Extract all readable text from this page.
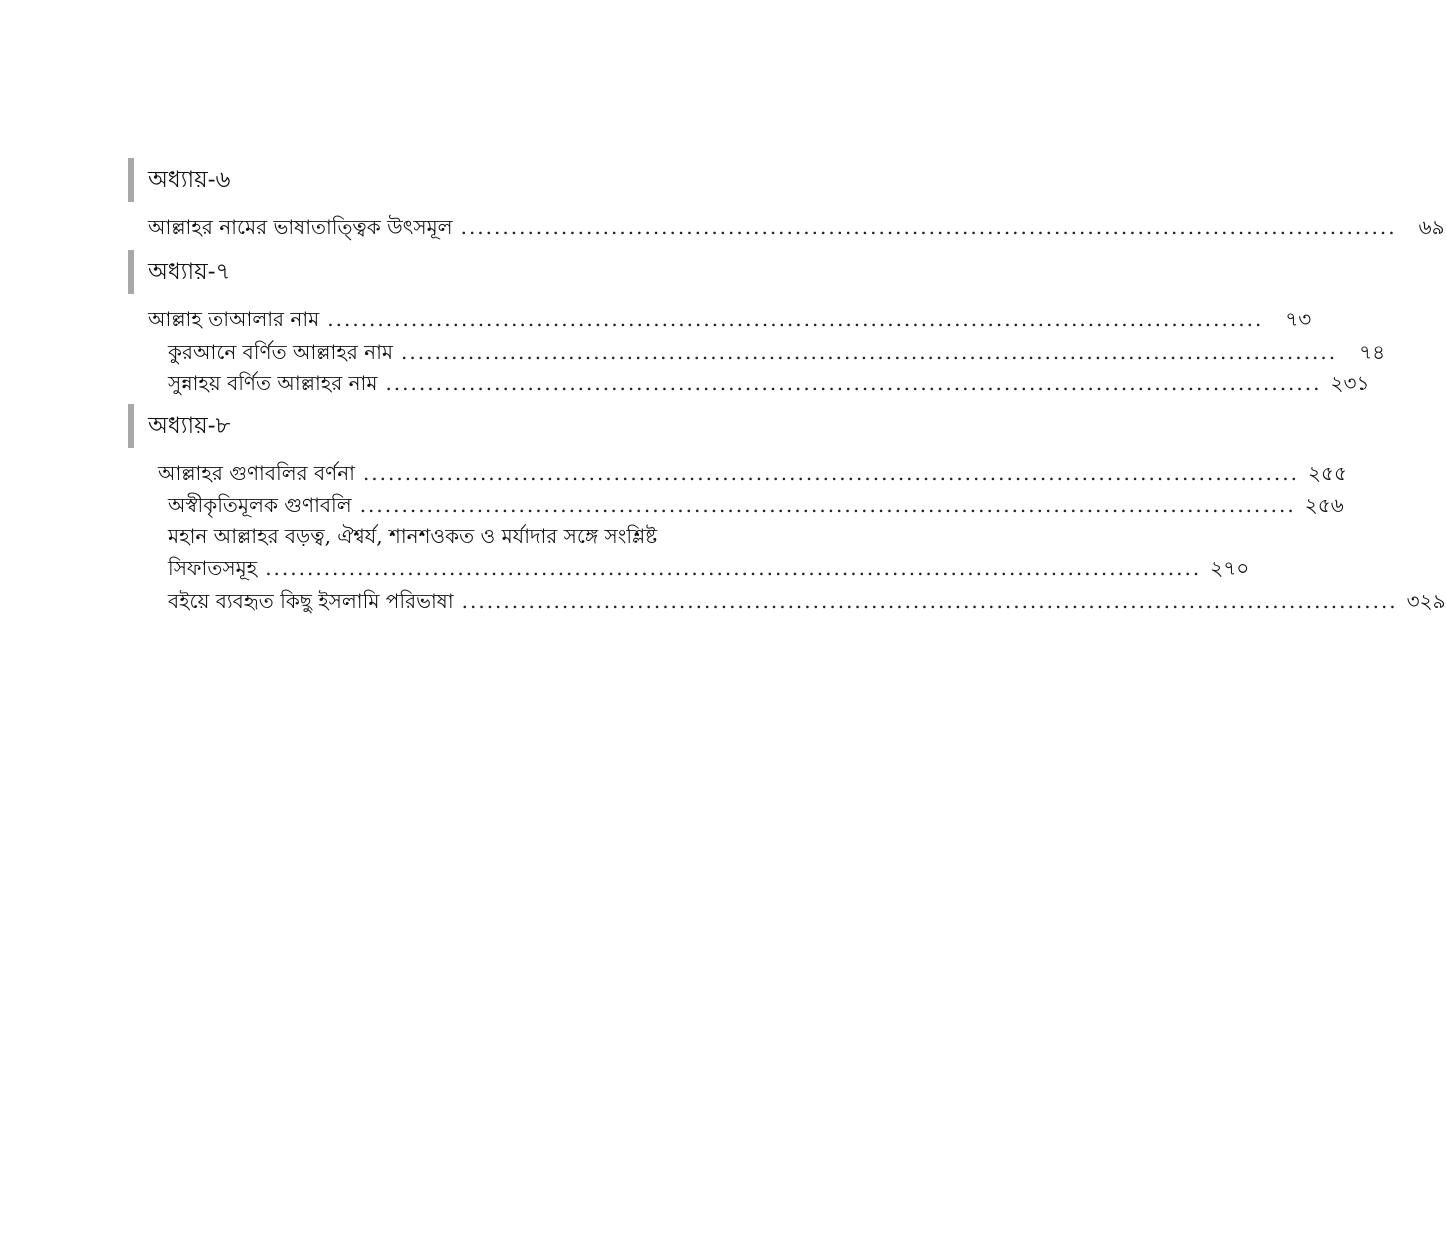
অধ্যায়-৬
আল্লাহর নামের ভাষাতাত্ত্বিক উৎসমূল ................................................................................................................	৬৯
অধ্যায়-৭
আল্লাহ তাআলার নাম ................................................................................................................	৭৩
কুরআনে বর্ণিত আল্লাহর নাম ................................................................................................................	৭৪
সুন্নাহয় বর্ণিত আল্লাহর নাম ................................................................................................................ ২৩১
অধ্যায়-৮
আল্লাহর গুণাবলির বর্ণনা ................................................................................................................ ২৫৫
অস্বীকৃতিমূলক গুণাবলি ................................................................................................................ ২৫৬
মহান আল্লাহর বড়ত্ব, ঐশ্বর্য, শানশওকত ও মর্যাদার সঙ্গে সংশ্লিষ্ট
সিফাতসমূহ ................................................................................................................ ২৭০
বইয়ে ব্যবহৃত কিছু ইসলামি পরিভাষা ................................................................................................................ ৩২৯
